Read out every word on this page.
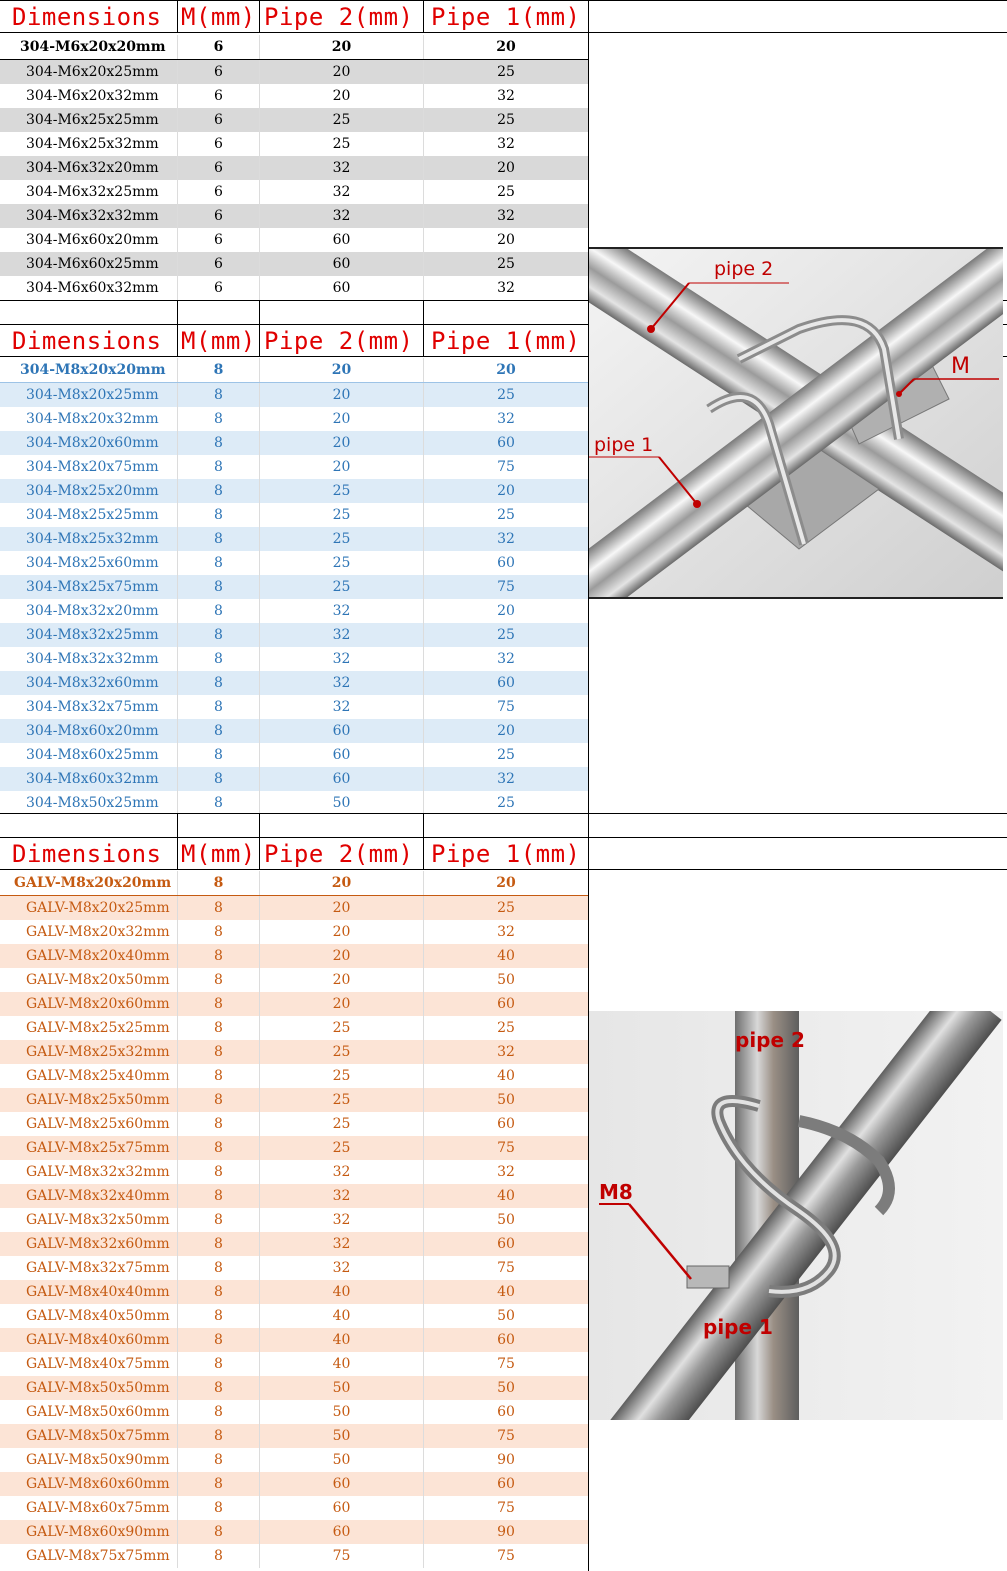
Dimensions M(mm) Pipe 2(mm) Pipe 1(mm)
304-M6x20x20mm	6	20	20
304-M6x20x25mm	6	20	25
304-M6x20x32mm	6	20	32
304-M6x25x25mm	6	25	25
304-M6x25x32mm	6	25	32
304-M6x32x20mm	6	32	20
304-M6x32x25mm	6	32	25
304-M6x32x32mm	6	32	32
304-M6x60x20mm	6	60	20
304-M6x60x25mm	6	60	25
304-M6x60x32mm	6	60	32
Dimensions M(mm) Pipe 2(mm) Pipe 1(mm)
304-M8x20x20mm	8	20	20
304-M8x20x25mm	8	20	25
304-M8x20x32mm	8	20	32
304-M8x20x60mm	8	20	60
304-M8x20x75mm	8	20	75
304-M8x25x20mm	8	25	20
304-M8x25x25mm	8	25	25
304-M8x25x32mm	8	25	32
304-M8x25x60mm	8	25	60
304-M8x25x75mm	8	25	75
304-M8x32x20mm	8	32	20
304-M8x32x25mm	8	32	25
304-M8x32x32mm	8	32	32
304-M8x32x60mm	8	32	60
304-M8x32x75mm	8	32	75
304-M8x60x20mm	8	60	20
304-M8x60x25mm	8	60	25
304-M8x60x32mm	8	60	32
304-M8x50x25mm	8	50	25
Dimensions M(mm) Pipe 2(mm) Pipe 1(mm)
GALV-M8x20x20mm	8	20	20
GALV-M8x20x25mm	8	20	25
GALV-M8x20x32mm	8	20	32
GALV-M8x20x40mm	8	20	40
GALV-M8x20x50mm	8	20	50
GALV-M8x20x60mm	8	20	60
GALV-M8x25x25mm	8	25	25
GALV-M8x25x32mm	8	25	32
GALV-M8x25x40mm	8	25	40
GALV-M8x25x50mm	8	25	50
GALV-M8x25x60mm	8	25	60
GALV-M8x25x75mm	8	25	75
GALV-M8x32x32mm	8	32	32
GALV-M8x32x40mm	8	32	40
GALV-M8x32x50mm	8	32	50
GALV-M8x32x60mm	8	32	60
GALV-M8x32x75mm	8	32	75
GALV-M8x40x40mm	8	40	40
GALV-M8x40x50mm	8	40	50
GALV-M8x40x60mm	8	40	60
GALV-M8x40x75mm	8	40	75
GALV-M8x50x50mm	8	50	50
GALV-M8x50x60mm	8	50	60
GALV-M8x50x75mm	8	50	75
GALV-M8x50x90mm	8	50	90
GALV-M8x60x60mm	8	60	60
GALV-M8x60x75mm	8	60	75
GALV-M8x60x90mm	8	60	90
GALV-M8x75x75mm	8	75	75
pipe 2
pipe 1
M
pipe 2
M8
pipe 1
